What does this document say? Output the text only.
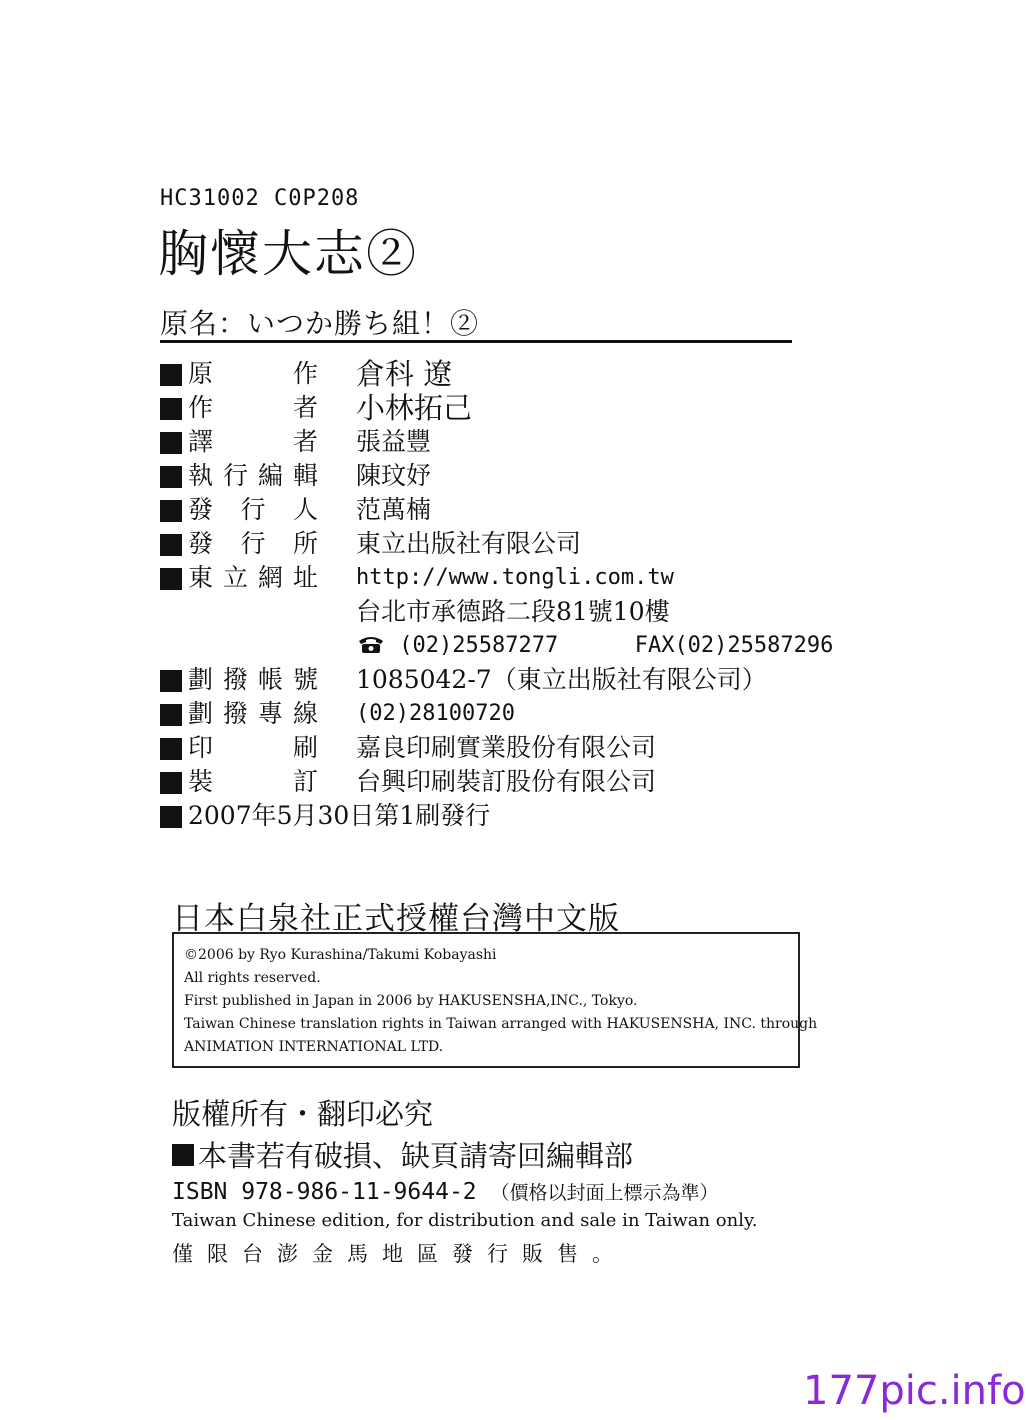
HC31002 C0P208
胸懷大志②
原名：いつか勝ち組！②
原	作 倉科 遼
作	者 小林拓己
譯	者 張益豐
執 行 編 輯 陳玟妤
發 行 人 范萬楠
發 行 所 東立出版社有限公司
東 立 網 址 http://www.tongli.com.tw
台北市承德路二段81號10樓
(02)25587277	FAX(02)25587296
劃 撥 帳 號 1085042-7（東立出版社有限公司）
劃 撥 專 線 (02)28100720
印	刷 嘉良印刷實業股份有限公司
裝	訂 台興印刷裝訂股份有限公司
2007年5月30日第1刷發行
日本白泉社正式授權台灣中文版
©2006 by Ryo Kurashina/Takumi Kobayashi
All rights reserved.
First published in Japan in 2006 by HAKUSENSHA,INC., Tokyo.
Taiwan Chinese translation rights in Taiwan arranged with HAKUSENSHA, INC. through
ANIMATION INTERNATIONAL LTD.
版權所有・翻印必究
本書若有破損、缺頁請寄回編輯部
ISBN 978-986-11-9644-2 （價格以封面上標示為準）
Taiwan Chinese edition, for distribution and sale in Taiwan only.
僅限台澎金馬地區發行販售。
177pic.info
